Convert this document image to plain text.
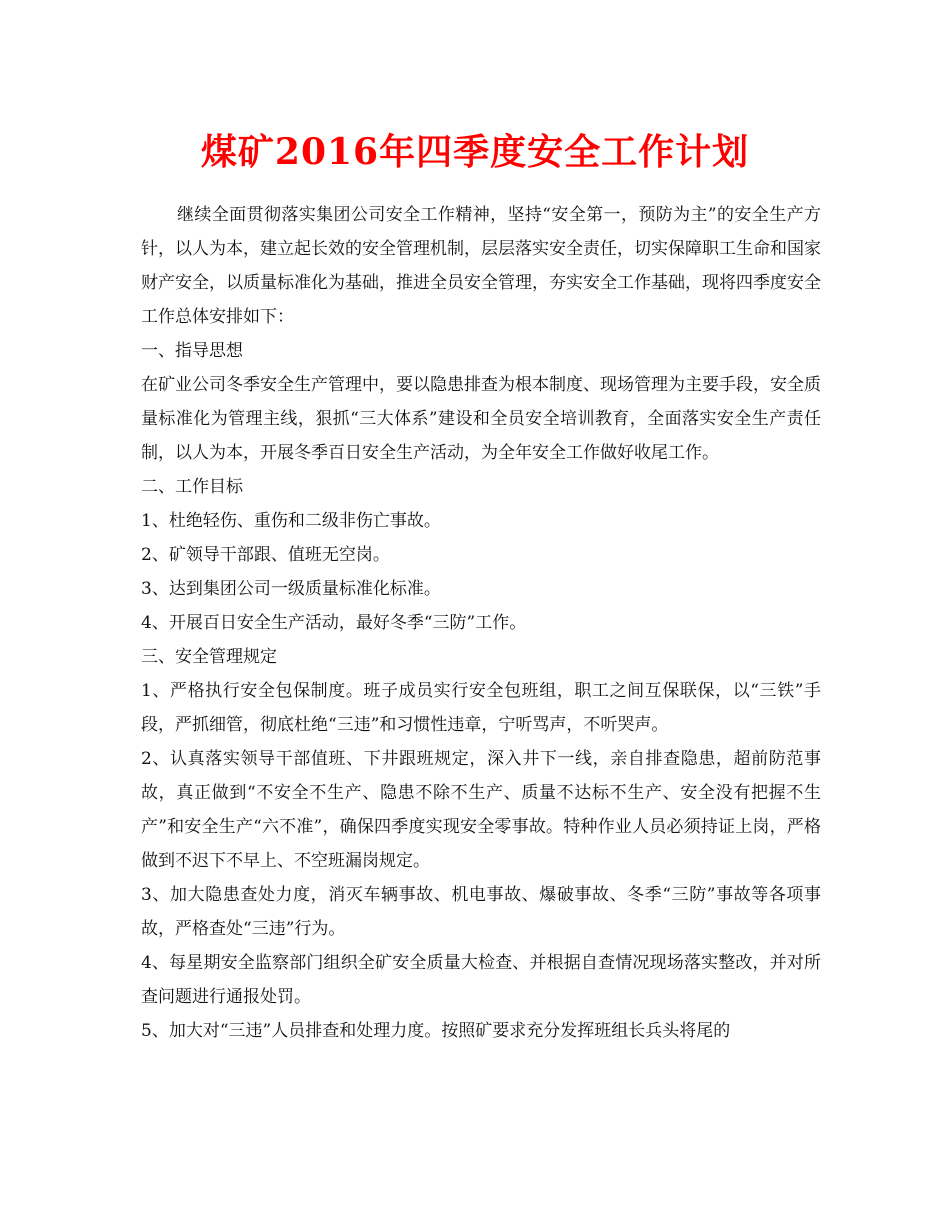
煤矿2016年四季度安全工作计划

继续全面贯彻落实集团公司安全工作精神，坚持“安全第一，预防为主”的安全生产方针，以人为本，建立起长效的安全管理机制，层层落实安全责任，切实保障职工生命和国家财产安全，以质量标准化为基础，推进全员安全管理，夯实安全工作基础，现将四季度安全工作总体安排如下：

一、指导思想

在矿业公司冬季安全生产管理中，要以隐患排查为根本制度、现场管理为主要手段，安全质量标准化为管理主线，狠抓“三大体系”建设和全员安全培训教育，全面落实安全生产责任制，以人为本，开展冬季百日安全生产活动，为全年安全工作做好收尾工作。

二、工作目标

1、杜绝轻伤、重伤和二级非伤亡事故。

2、矿领导干部跟、值班无空岗。

3、达到集团公司一级质量标准化标准。

4、开展百日安全生产活动，最好冬季“三防”工作。

三、安全管理规定

1、严格执行安全包保制度。班子成员实行安全包班组，职工之间互保联保，以“三铁”手段，严抓细管，彻底杜绝“三违”和习惯性违章，宁听骂声，不听哭声。

2、认真落实领导干部值班、下井跟班规定，深入井下一线，亲自排查隐患，超前防范事故，真正做到“不安全不生产、隐患不除不生产、质量不达标不生产、安全没有把握不生产”和安全生产“六不准”，确保四季度实现安全零事故。特种作业人员必须持证上岗，严格做到不迟下不早上、不空班漏岗规定。

3、加大隐患查处力度，消灭车辆事故、机电事故、爆破事故、冬季“三防”事故等各项事故，严格查处“三违”行为。

4、每星期安全监察部门组织全矿安全质量大检查、并根据自查情况现场落实整改，并对所查问题进行通报处罚。

5、加大对“三违”人员排查和处理力度。按照矿要求充分发挥班组长兵头将尾的
